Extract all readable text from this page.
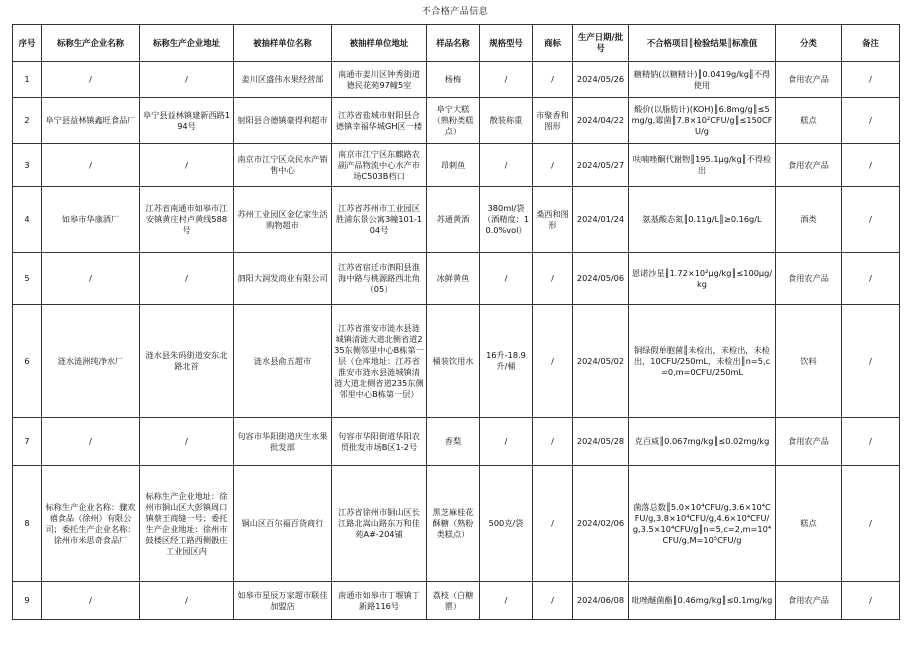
不合格产品信息
序号	标称生产企业名称	标称生产企业地址	被抽样单位名称	被抽样单位地址	样品名称	规格型号	商标	生产日期/批号	不合格项目║检验结果║标准值	分类	备注
1	/	/	姜川区盛伟水果经营部	南通市姜川区钟秀街道德民花苑97幢5室	杨梅	/	/	2024/05/26	糖精钠(以糖精计)║0.0419g/kg║不得使用	食用农产品	/
2	阜宁县益林镇鑫旺食品厂	阜宁县益林镇建新西路194号	射阳县合德镇豪得利超市	江苏省盐城市射阳县合德镇幸福华城GH区一楼	阜宁大糕（熟粉类糕点）	散装称重	市聚香和图形	2024/04/22	酸价(以脂肪计)(KOH)║6.8mg/g║≤5mg/g,霉菌║7.8×10²CFU/g║≤150CFU/g	糕点	/
3	/	/	南京市江宁区众民水产销售中心	南京市江宁区东麒路农副产品物流中心水产市场C503B档口	昂刺鱼	/	/	2024/05/27	呋喃唑酮代谢物║195.1μg/kg║不得检出	食用农产品	/
4	如皋市华康酒厂	江苏省南通市如皋市江安镇黄庄村卢黄线588号	苏州工业园区金亿家生活购物超市	江苏省苏州市工业园区胜浦东景公寓3幢101-104号	苏通黄酒	380ml/袋（酒精度：10.0%vol）	桑西和图形	2024/01/24	氨基酸态氮║0.11g/L║≥0.16g/L	酒类	/
5	/	/	泗阳大润发商业有限公司	江苏省宿迁市泗阳县淮海中路与桃源路西北角（05）	冰鲜黄鱼	/	/	2024/05/06	恩诺沙星║1.72×10²μg/kg║≤100μg/kg	食用农产品	/
6	涟水涟洲纯净水厂	涟水县朱码街道安东北路北首	涟水县俞五超市	江苏省淮安市涟水县涟城镇清涟大道北侧省道235东侧邻里中心B栋第一层（仓库地址：江苏省淮安市涟水县涟城镇清涟大道北侧省道235东侧邻里中心B栋第一层）	桶装饮用水	16升-18.9升/桶	/	2024/05/02	铜绿假单胞菌║未检出，未检出，未检出，10CFU/250mL，未检出║n=5,c=0,m=0CFU/250mL	饮料	/
7	/	/	句容市华阳街道庆生水果批发部	句容市华阳街道华阳农贸批发市场B区1-2号	香梨	/	/	2024/05/28	克百威║0.067mg/kg║≤0.02mg/kg	食用农产品	/
8	标称生产企业名称：骤欢禧食品（徐州）有限公司；委托生产企业名称：徐州市米思奇食品厂	标称生产企业地址：徐州市铜山区大彭镇周口镇蔡王商缝一号；委托生产企业地址：徐州市鼓楼区经工路西侧骰庄工业园区内	铜山区百尔福百货商行	江苏省徐州市铜山区长江路北嵩山路东万和佳苑A#-204铺	黑芝麻桂花酥糖（熟粉类糕点）	500克/袋	/	2024/02/06	菌落总数║5.0×10⁴CFU/g,3.6×10⁴CFU/g,3.8×10⁴CFU/g,4.6×10⁴CFU/g,3.5×10⁴CFU/g║n=5,c=2,m=10⁴CFU/g,M=10⁵CFU/g	糕点	/
9	/	/	如皋市星辰万家超市联佳加盟店	南通市如皋市丁堰镇丁新路116号	荔枝（白糖罂）	/	/	2024/06/08	吡唑醚菌酯║0.46mg/kg║≤0.1mg/kg	食用农产品	/
